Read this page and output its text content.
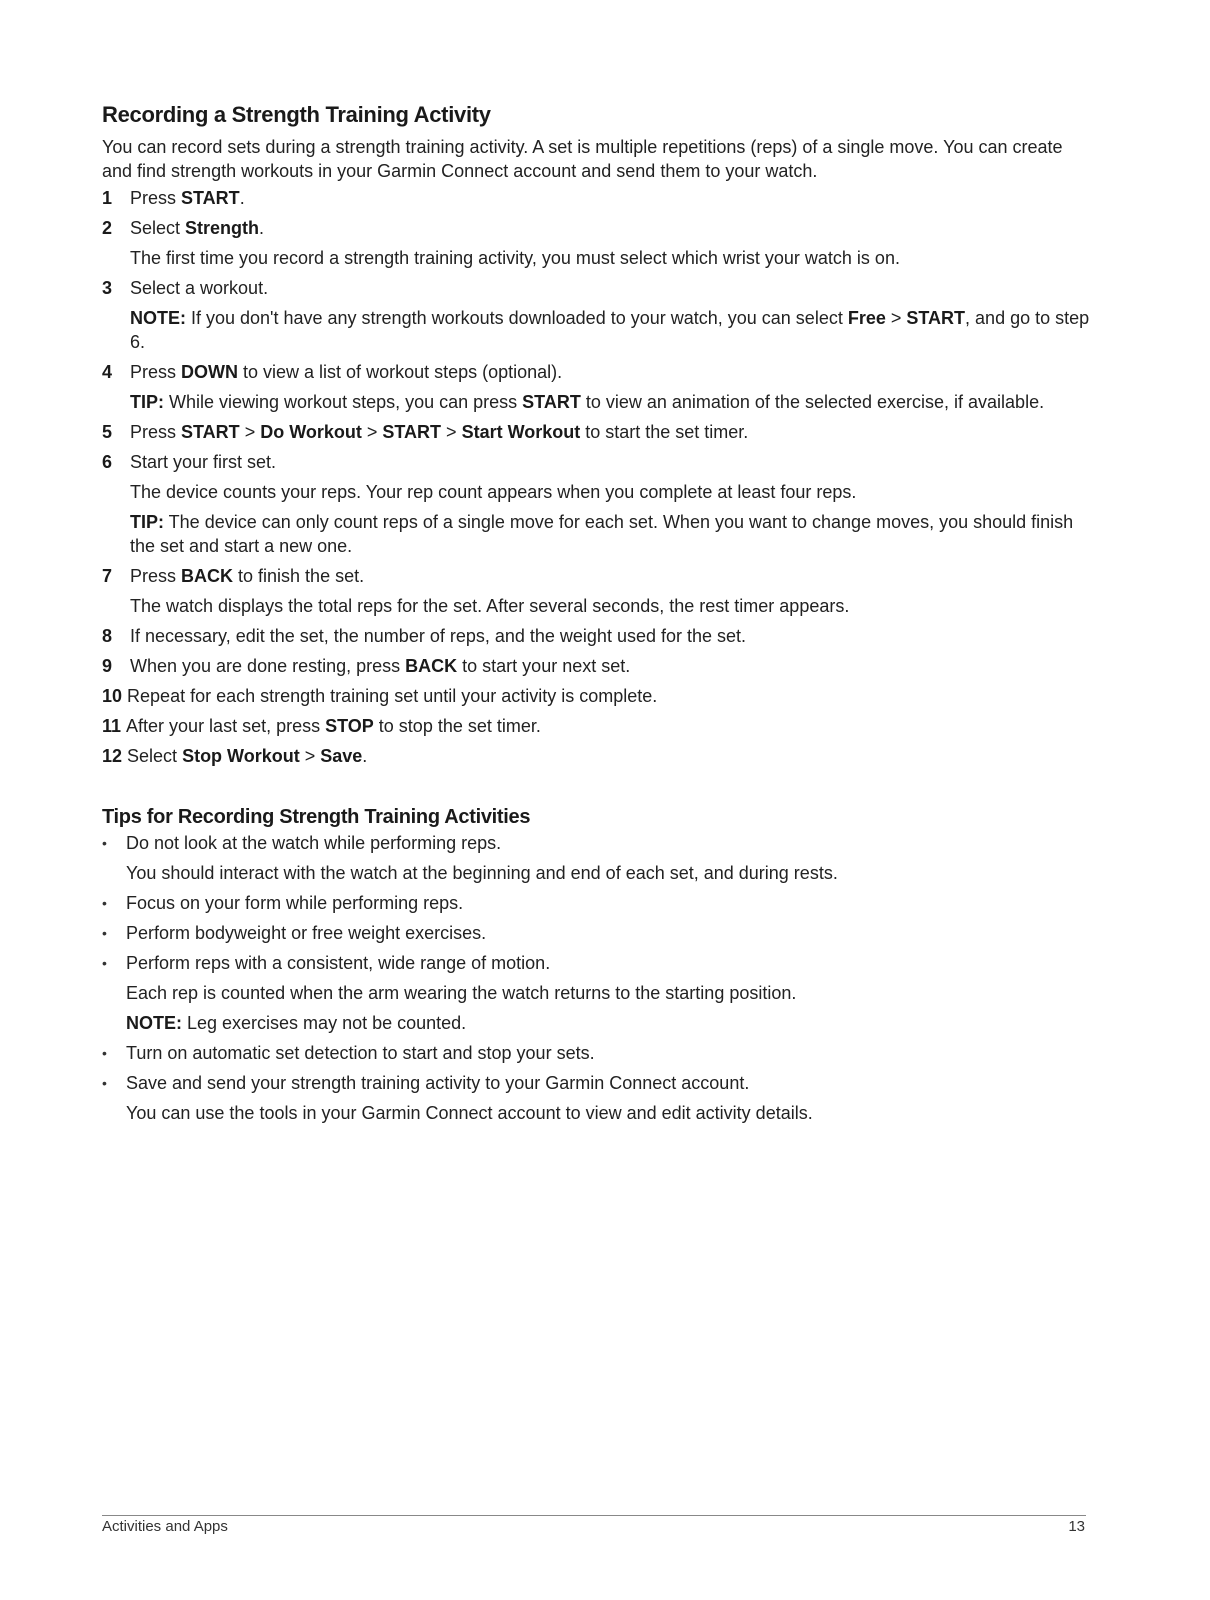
Recording a Strength Training Activity

You can record sets during a strength training activity. A set is multiple repetitions (reps) of a single move. You can create and find strength workouts in your Garmin Connect account and send them to your watch.

1 Press START.
2 Select Strength.
The first time you record a strength training activity, you must select which wrist your watch is on.
3 Select a workout.
NOTE: If you don't have any strength workouts downloaded to your watch, you can select Free > START, and go to step 6.
4 Press DOWN to view a list of workout steps (optional).
TIP: While viewing workout steps, you can press START to view an animation of the selected exercise, if available.
5 Press START > Do Workout > START > Start Workout to start the set timer.
6 Start your first set.
The device counts your reps. Your rep count appears when you complete at least four reps.
TIP: The device can only count reps of a single move for each set. When you want to change moves, you should finish the set and start a new one.
7 Press BACK to finish the set.
The watch displays the total reps for the set. After several seconds, the rest timer appears.
8 If necessary, edit the set, the number of reps, and the weight used for the set.
9 When you are done resting, press BACK to start your next set.
10 Repeat for each strength training set until your activity is complete.
11 After your last set, press STOP to stop the set timer.
12 Select Stop Workout > Save.
Tips for Recording Strength Training Activities
• Do not look at the watch while performing reps.
You should interact with the watch at the beginning and end of each set, and during rests.
• Focus on your form while performing reps.
• Perform bodyweight or free weight exercises.
• Perform reps with a consistent, wide range of motion.
Each rep is counted when the arm wearing the watch returns to the starting position.
NOTE: Leg exercises may not be counted.
• Turn on automatic set detection to start and stop your sets.
• Save and send your strength training activity to your Garmin Connect account.
You can use the tools in your Garmin Connect account to view and edit activity details.
Activities and Apps	13
